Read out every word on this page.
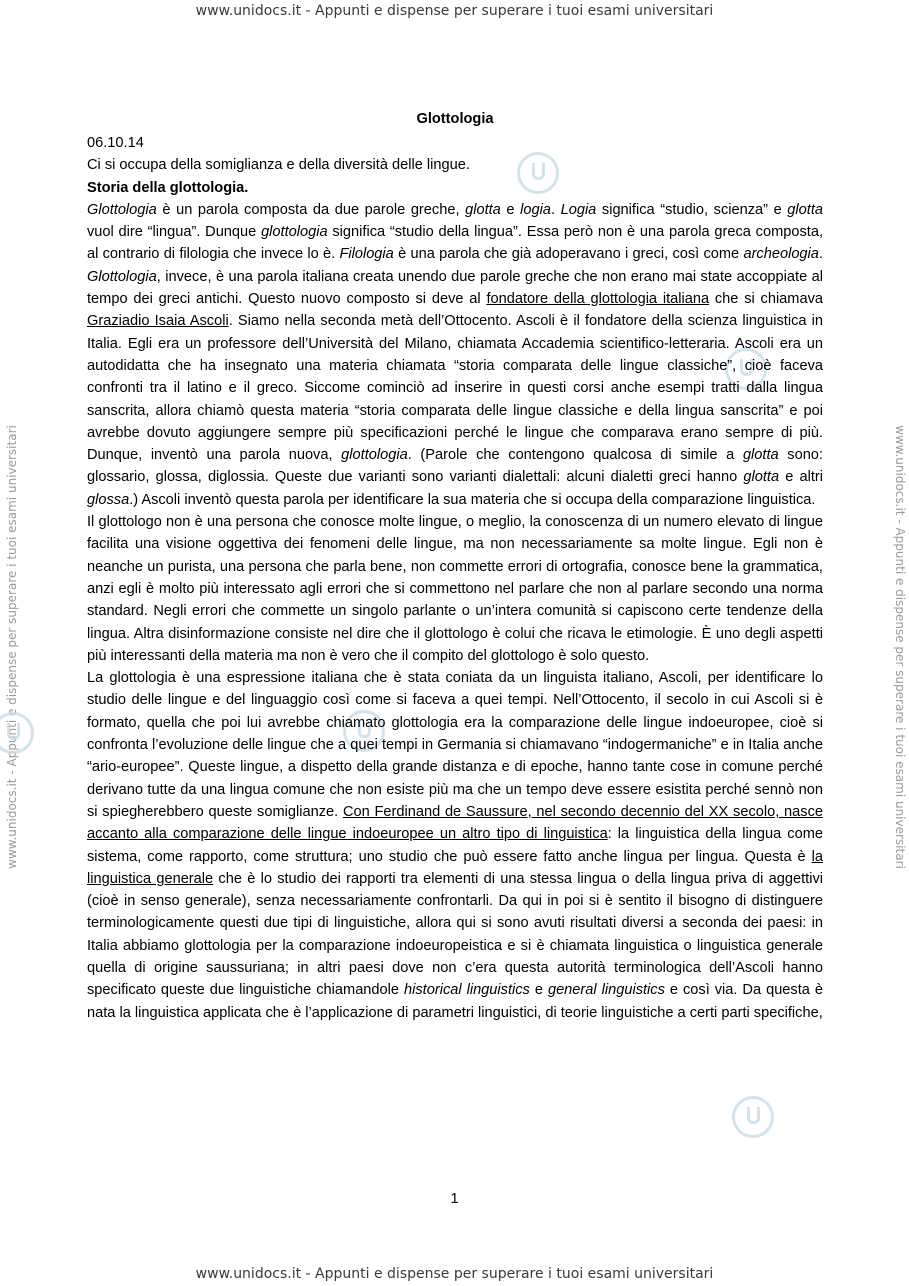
www.unidocs.it - Appunti e dispense per superare i tuoi esami universitari
www.unidocs.it - Appunti e dispense per superare i tuoi esami universitari	www.unidocs.it - Appunti e dispense per superare i tuoi esami universitari

Glottologia

06.10.14

Ci si occupa della somiglianza e della diversità delle lingue.

Storia della glottologia.

Glottologia è un parola composta da due parole greche, glotta e logia. Logia significa “studio, scienza” e glotta vuol dire “lingua”. Dunque glottologia significa “studio della lingua”. Essa però non è una parola greca composta, al contrario di filologia che invece lo è. Filologia è una parola che già adoperavano i greci, così come archeologia. Glottologia, invece, è una parola italiana creata unendo due parole greche che non erano mai state accoppiate al tempo dei greci antichi. Questo nuovo composto si deve al fondatore della glottologia italiana che si chiamava Graziadio Isaia Ascoli. Siamo nella seconda metà dell’Ottocento. Ascoli è il fondatore della scienza linguistica in Italia. Egli era un professore dell’Università del Milano, chiamata Accademia scientifico-letteraria. Ascoli era un autodidatta che ha insegnato una materia chiamata “storia comparata delle lingue classiche”, cioè faceva confronti tra il latino e il greco. Siccome cominciò ad inserire in questi corsi anche esempi tratti dalla lingua sanscrita, allora chiamò questa materia “storia comparata delle lingue classiche e della lingua sanscrita” e poi avrebbe dovuto aggiungere sempre più specificazioni perché le lingue che comparava erano sempre di più. Dunque, inventò una parola nuova, glottologia. (Parole che contengono qualcosa di simile a glotta sono: glossario, glossa, diglossia. Queste due varianti sono varianti dialettali: alcuni dialetti greci hanno glotta e altri glossa.) Ascoli inventò questa parola per identificare la sua materia che si occupa della comparazione linguistica.

Il glottologo non è una persona che conosce molte lingue, o meglio, la conoscenza di un numero elevato di lingue facilita una visione oggettiva dei fenomeni delle lingue, ma non necessariamente sa molte lingue. Egli non è neanche un purista, una persona che parla bene, non commette errori di ortografia, conosce bene la grammatica, anzi egli è molto più interessato agli errori che si commettono nel parlare che non al parlare secondo una norma standard. Negli errori che commette un singolo parlante o un’intera comunità si capiscono certe tendenze della lingua. Altra disinformazione consiste nel dire che il glottologo è colui che ricava le etimologie. È uno degli aspetti più interessanti della materia ma non è vero che il compito del glottologo è solo questo.

La glottologia è una espressione italiana che è stata coniata da un linguista italiano, Ascoli, per identificare lo studio delle lingue e del linguaggio così come si faceva a quei tempi. Nell’Ottocento, il secolo in cui Ascoli si è formato, quella che poi lui avrebbe chiamato glottologia era la comparazione delle lingue indoeuropee, cioè si confronta l’evoluzione delle lingue che a quei tempi in Germania si chiamavano “indogermaniche” e in Italia anche “ario-europee”. Queste lingue, a dispetto della grande distanza e di epoche, hanno tante cose in comune perché derivano tutte da una lingua comune che non esiste più ma che un tempo deve essere esistita perché sennò non si spiegherebbero queste somiglianze. Con Ferdinand de Saussure, nel secondo decennio del XX secolo, nasce accanto alla comparazione delle lingue indoeuropee un altro tipo di linguistica: la linguistica della lingua come sistema, come rapporto, come struttura; uno studio che può essere fatto anche lingua per lingua. Questa è la linguistica generale che è lo studio dei rapporti tra elementi di una stessa lingua o della lingua priva di aggettivi (cioè in senso generale), senza necessariamente confrontarli. Da qui in poi si è sentito il bisogno di distinguere terminologicamente questi due tipi di linguistiche, allora qui si sono avuti risultati diversi a seconda dei paesi: in Italia abbiamo glottologia per la comparazione indoeuropeistica e si è chiamata linguistica o linguistica generale quella di origine saussuriana; in altri paesi dove non c’era questa autorità terminologica dell’Ascoli hanno specificato queste due linguistiche chiamandole historical linguistics e general linguistics e così via. Da questa è nata la linguistica applicata che è l’applicazione di parametri linguistici, di teorie linguistiche a certi parti specifiche,

1
www.unidocs.it - Appunti e dispense per superare i tuoi esami universitari
